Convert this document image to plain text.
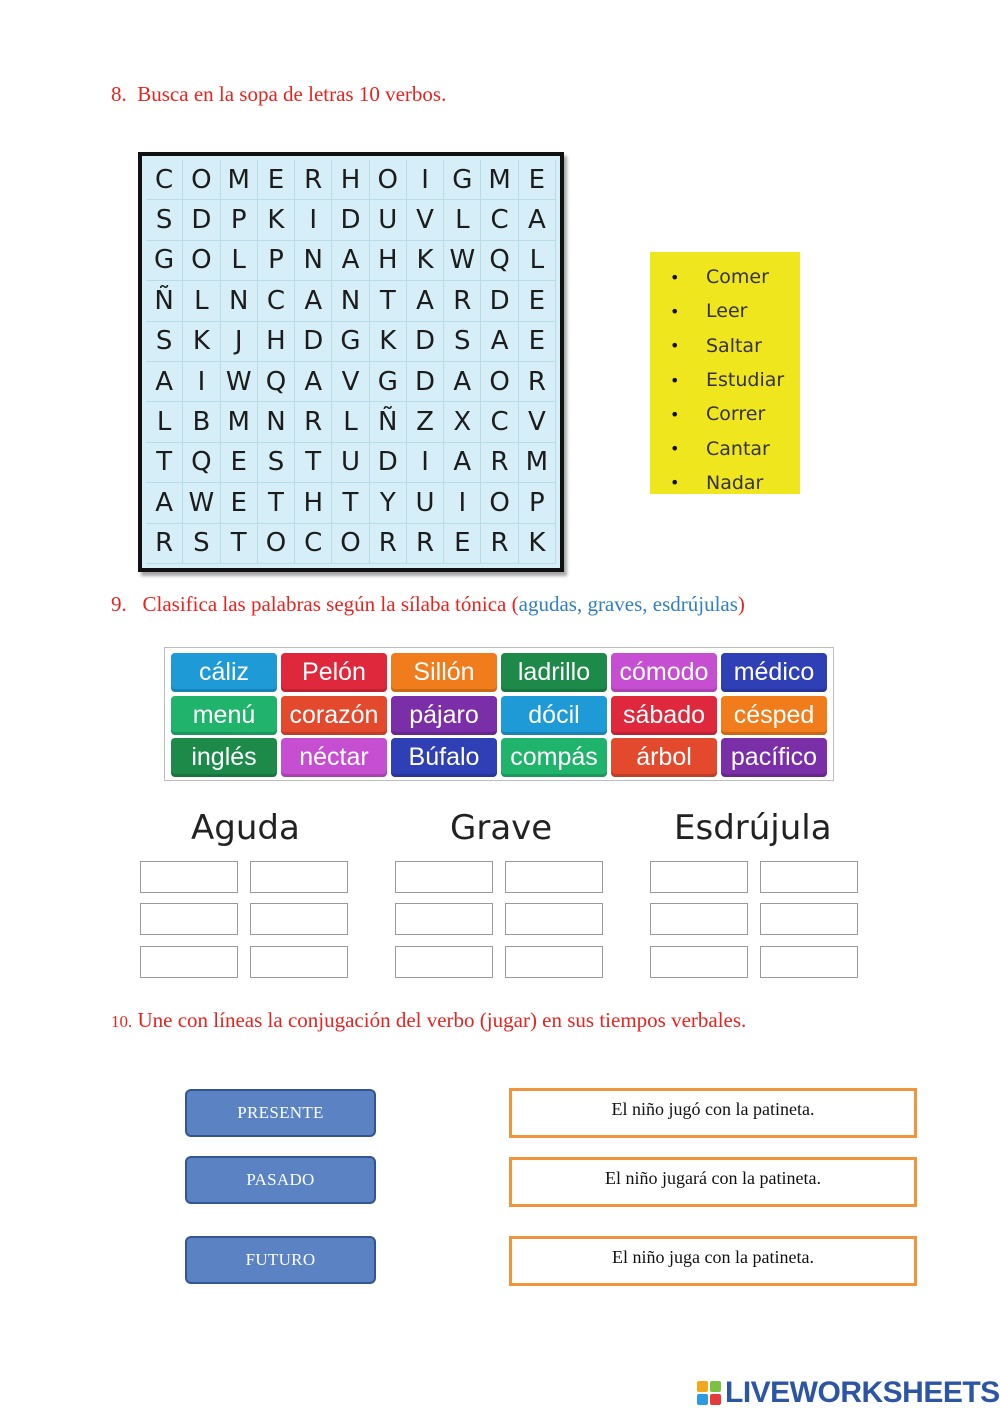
8. Busca en la sopa de letras 10 verbos.
C O M E R H O I G M E
S D P K I D U V L C A
G O L P N A H K W Q L
Ñ L N C A N T A R D E
S K J H D G K D S A E
A I W Q A V G D A O R
L B M N R L Ñ Z X C V
T Q E S T U D I A R M
A W E T H T Y U I O P
R S T O C O R R E R K
•	Comer
•	Leer
•	Saltar
•	Estudiar
•	Correr
•	Cantar
•	Nadar
9. Clasifica las palabras según la sílaba tónica (agudas, graves, esdrújulas)
cáliz	Pelón	Sillón	ladrillo	cómodo	médico
menú	corazón	pájaro	dócil	sábado	césped
inglés	néctar	Búfalo	compás	árbol	pacífico
Aguda	Grave	Esdrújula
10. Une con líneas la conjugación del verbo (jugar) en sus tiempos verbales.
PRESENTE
PASADO
FUTURO
El niño jugó con la patineta.
El niño jugará con la patineta.
El niño juga con la patineta.
LIVEWORKSHEETS
